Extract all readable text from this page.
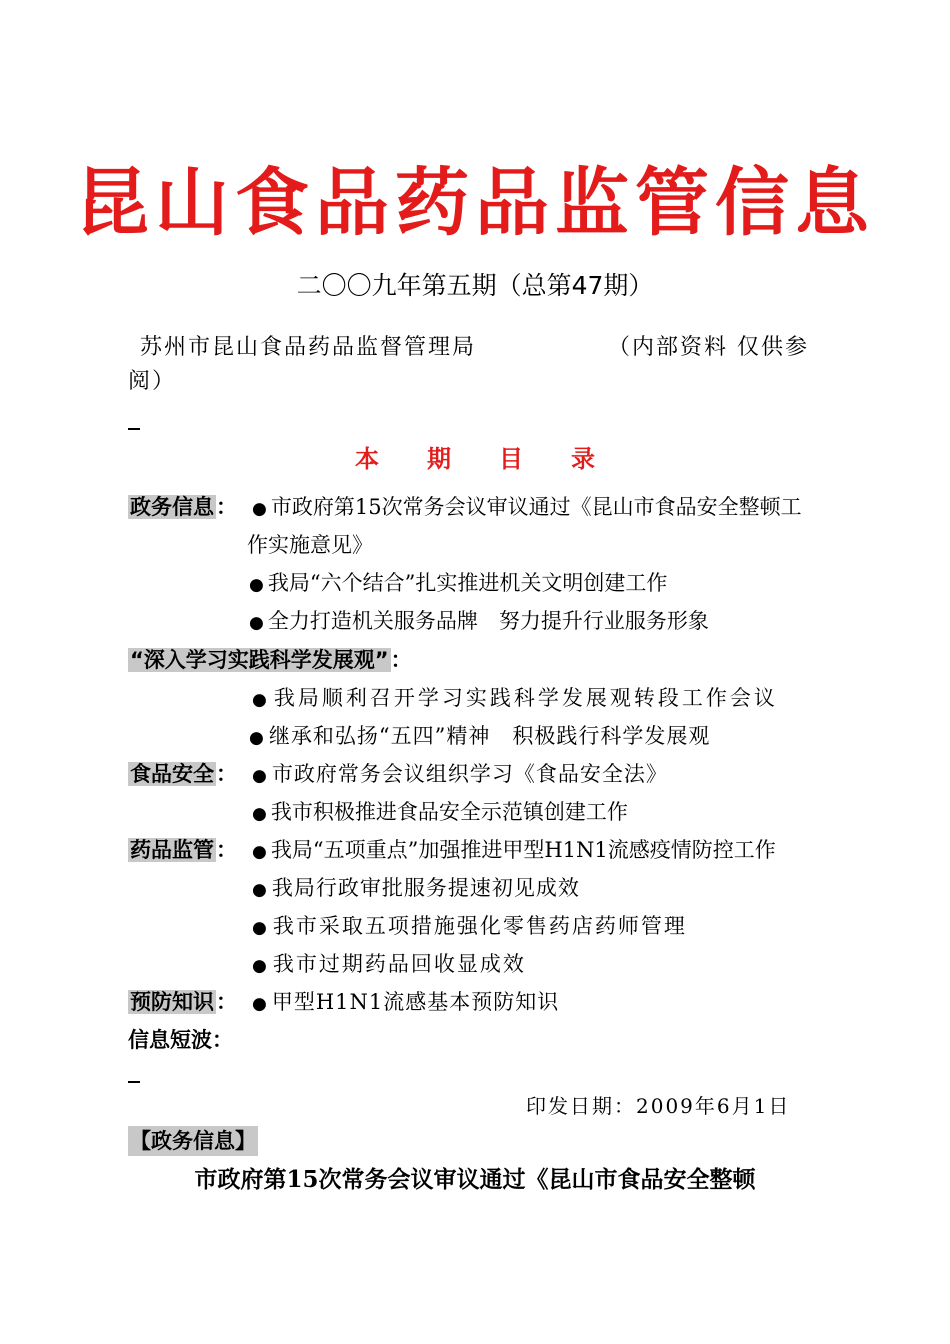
昆山食品药品监管信息
二〇〇九年第五期（总第47期）
苏州市昆山食品药品监督管理局	（内部资料 仅供参
阅）
本 期 目 录
政务信息： ● 市政府第15次常务会议审议通过《昆山市食品安全整顿工
作实施意见》
● 我局“六个结合”扎实推进机关文明创建工作
● 全力打造机关服务品牌　努力提升行业服务形象
“深入学习实践科学发展观”：
● 我局顺利召开学习实践科学发展观转段工作会议
● 继承和弘扬“五四”精神　积极践行科学发展观
食品安全： ● 市政府常务会议组织学习《食品安全法》
● 我市积极推进食品安全示范镇创建工作
药品监管： ● 我局“五项重点”加强推进甲型H1N1流感疫情防控工作
● 我局行政审批服务提速初见成效
● 我市采取五项措施强化零售药店药师管理
● 我市过期药品回收显成效
预防知识： ● 甲型H1N1流感基本预防知识
信息短波：
印发日期：2009年6月1日
【政务信息】
市政府第15次常务会议审议通过《昆山市食品安全整顿
